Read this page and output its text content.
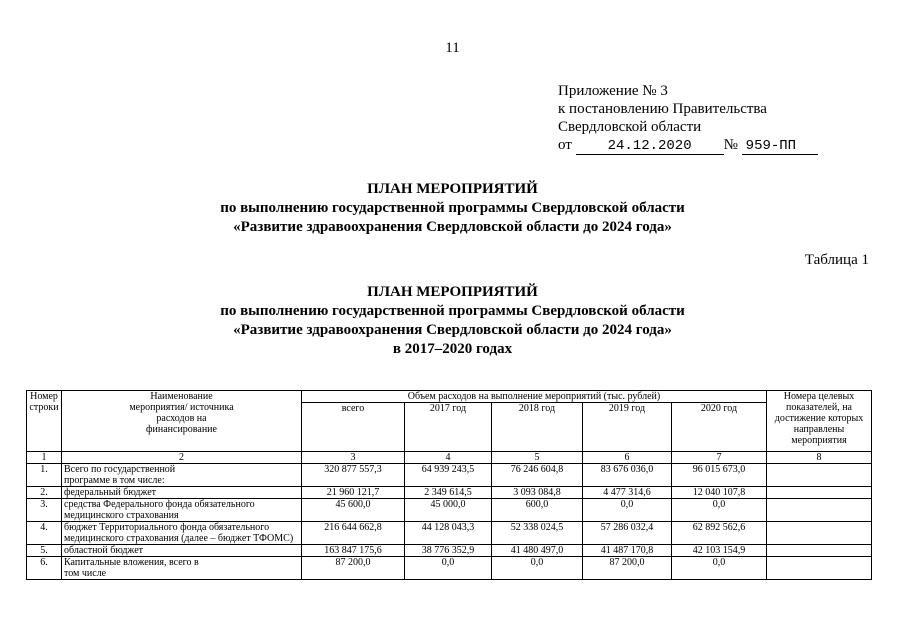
11
Приложение № 3
к постановлению Правительства
Свердловской области
от	24.12.2020 № 959-ПП
ПЛАН МЕРОПРИЯТИЙ
по выполнению государственной программы Свердловской области
«Развитие здравоохранения Свердловской области до 2024 года»
Таблица 1
ПЛАН МЕРОПРИЯТИЙ
по выполнению государственной программы Свердловской области
«Развитие здравоохранения Свердловской области до 2024 года»
в 2017–2020 годах
Номер строки	Наименование мероприятия/ источника расходов на финансирование	Объем расходов на выполнение мероприятий (тыс. рублей)					Номера целевых показателей, на достижение которых направлены мероприятия
		всего	2017 год	2018 год	2019 год	2020 год	
1	2	3	4	5	6	7	8
1.	Всего по государственной программе в том числе:	320 877 557,3	64 939 243,5	76 246 604,8	83 676 036,0	96 015 673,0	
2.	федеральный бюджет	21 960 121,7	2 349 614,5	3 093 084,8	4 477 314,6	12 040 107,8	
3.	средства Федерального фонда обязательного медицинского страхования	45 600,0	45 000,0	600,0	0,0	0,0	
4.	бюджет Территориального фонда обязательного медицинского страхования (далее – бюджет ТФОМС)	216 644 662,8	44 128 043,3	52 338 024,5	57 286 032,4	62 892 562,6	
5.	областной бюджет	163 847 175,6	38 776 352,9	41 480 497,0	41 487 170,8	42 103 154,9	
6.	Капитальные вложения, всего в том числе	87 200,0	0,0	0,0	87 200,0	0,0	
